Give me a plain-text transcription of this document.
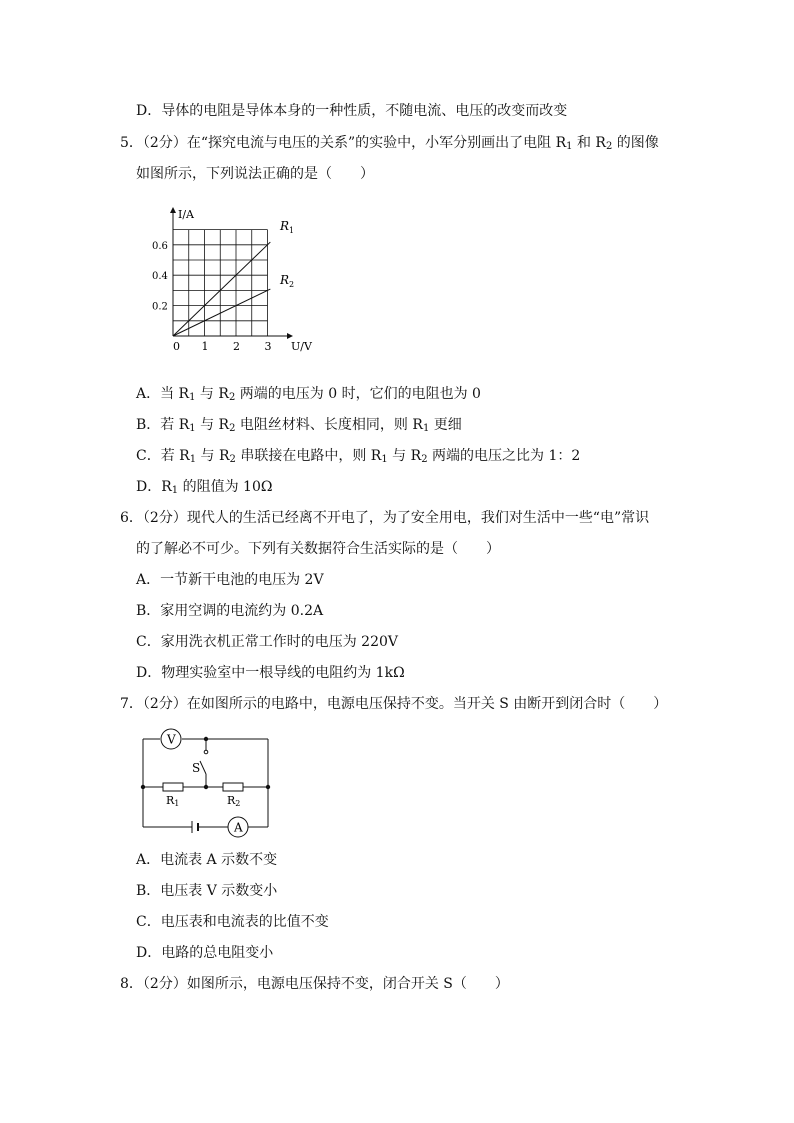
D．导体的电阻是导体本身的一种性质，不随电流、电压的改变而改变
5．（2分）在“探究电流与电压的关系”的实验中，小军分别画出了电阻 $R_1$ 和 $R_2$ 的图像
如图所示，下列说法正确的是（　　）
0 1 2 3
0.2
0.4
0.6
I/A
U/V
$R_1$
$R_2$
A．当 $R_1$ 与 $R_2$ 两端的电压为 0 时，它们的电阻也为 0
B．若 $R_1$ 与 $R_2$ 电阻丝材料、长度相同，则 $R_1$ 更细
C．若 $R_1$ 与 $R_2$ 串联接在电路中，则 $R_1$ 与 $R_2$ 两端的电压之比为 1：2
D．$R_1$ 的阻值为 10Ω
6．（2分）现代人的生活已经离不开电了，为了安全用电，我们对生活中一些“电”常识
的了解必不可少。下列有关数据符合生活实际的是（　　）
A．一节新干电池的电压为 2V
B．家用空调的电流约为 0.2A
C．家用洗衣机正常工作时的电压为 220V
D．物理实验室中一根导线的电阻约为 1kΩ
7．（2分）在如图所示的电路中，电源电压保持不变。当开关 S 由断开到闭合时（　　）
V
S
R1	R2
A
A．电流表 A 示数不变
B．电压表 V 示数变小
C．电压表和电流表的比值不变
D．电路的总电阻变小
8．（2分）如图所示，电源电压保持不变，闭合开关 S（　　）
